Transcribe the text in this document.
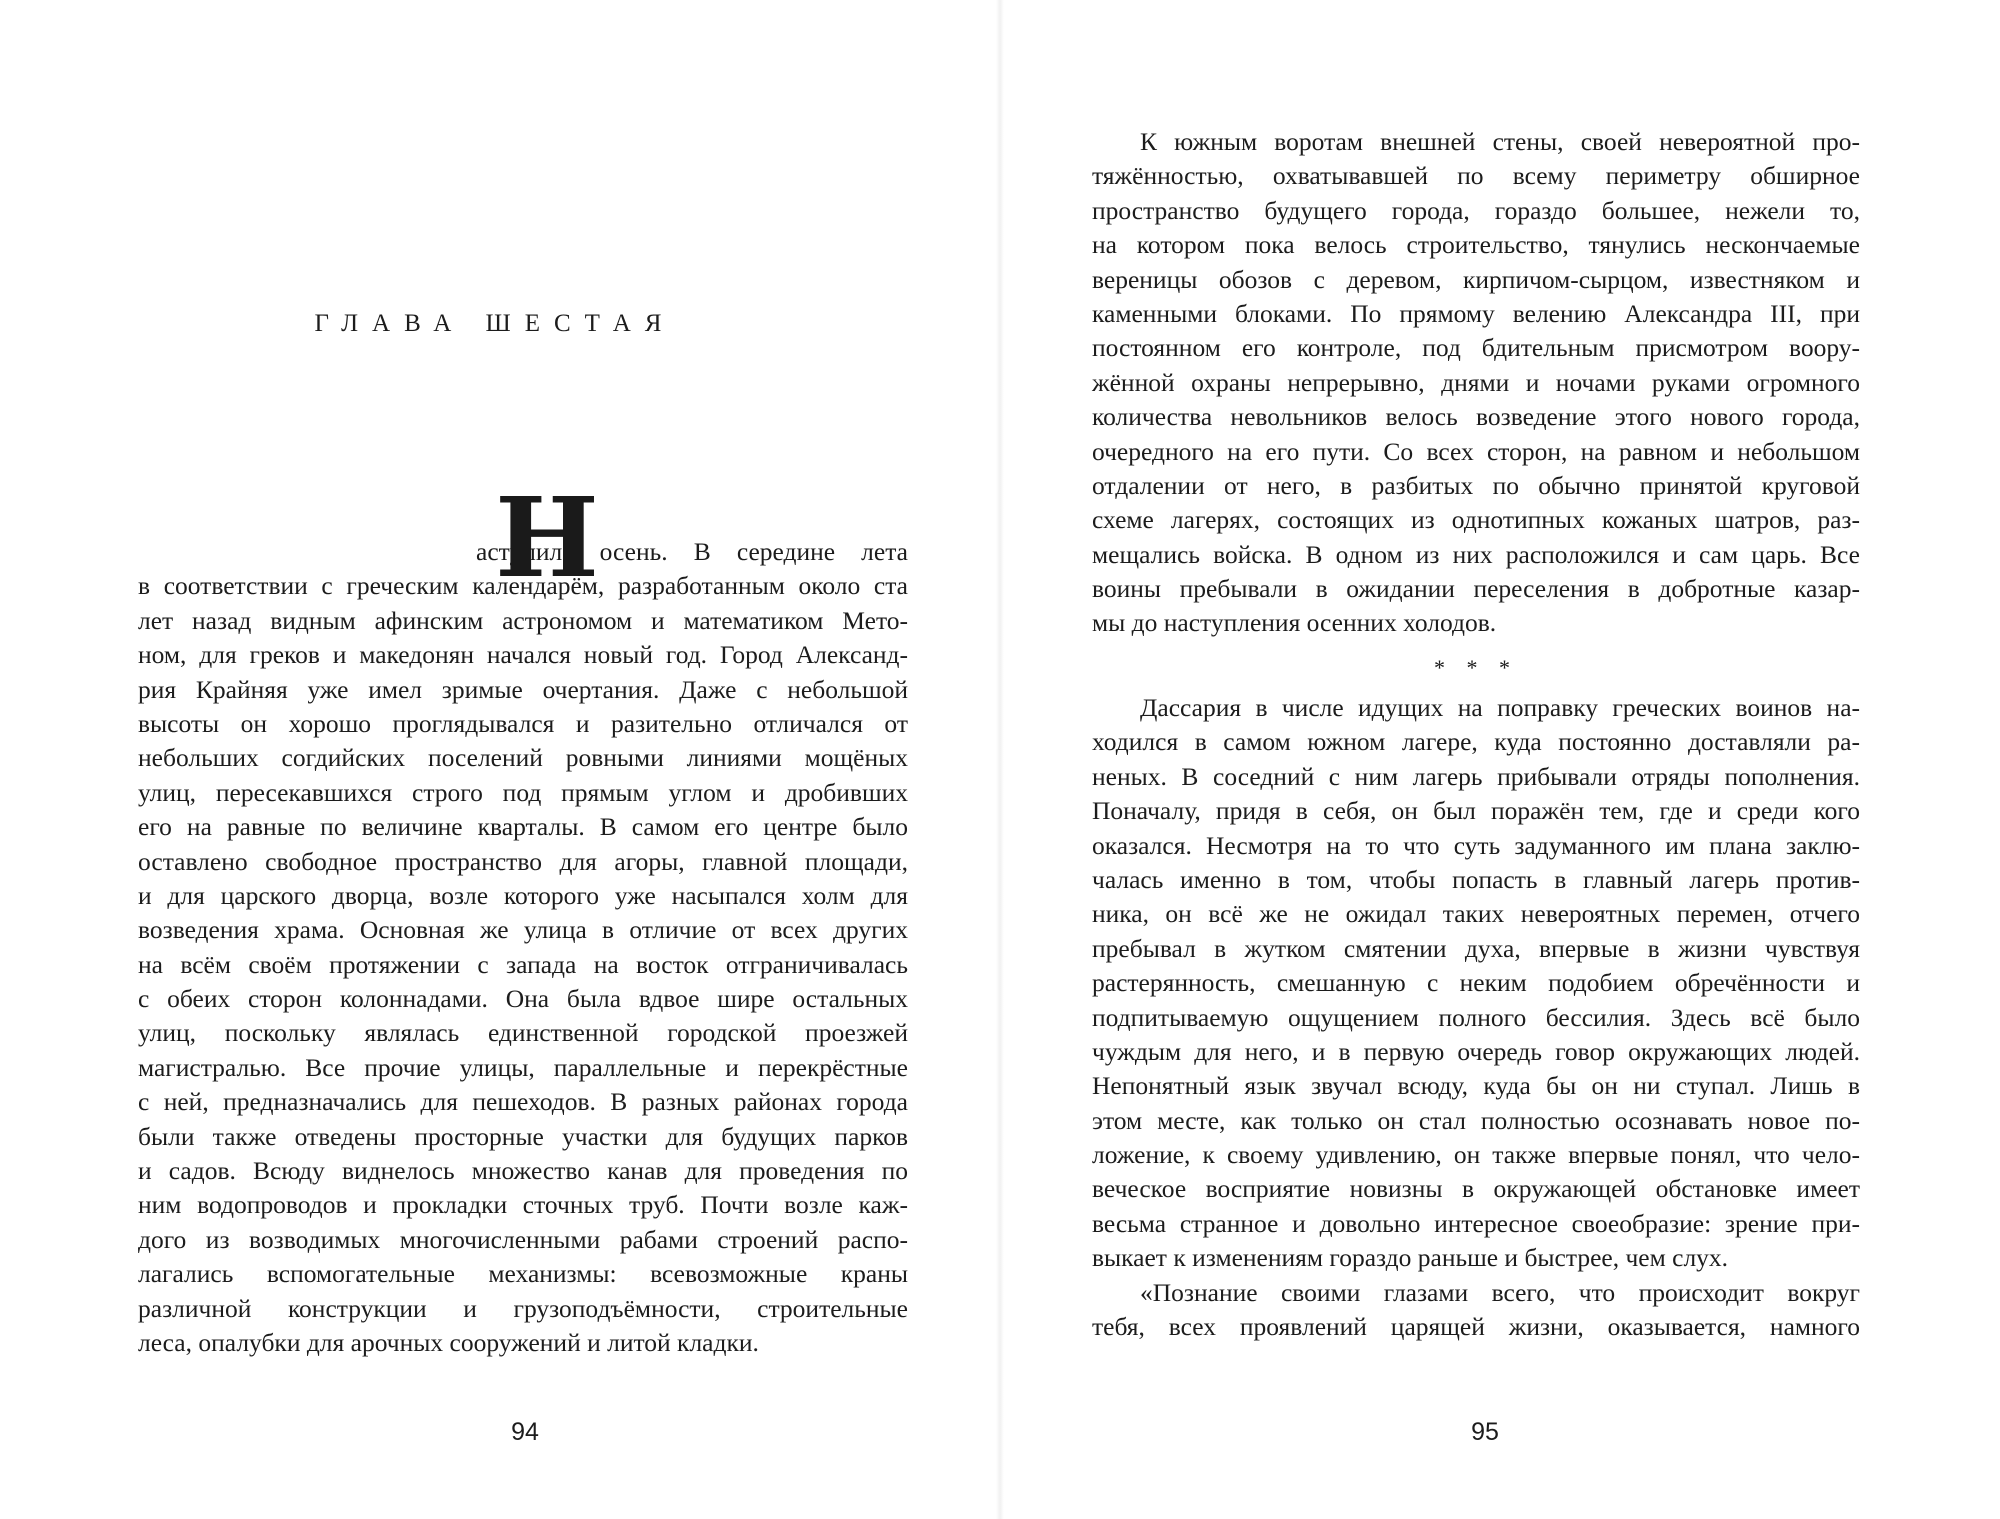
ГЛАВА ШЕСТАЯ

Н
аступила осень. В середине лета
в соответствии с греческим календарём, разработанным около ста
лет назад видным афинским астрономом и математиком Мето-
ном, для греков и македонян начался новый год. Город Александ-
рия Крайняя уже имел зримые очертания. Даже с небольшой
высоты он хорошо проглядывался и разительно отличался от
небольших согдийских поселений ровными линиями мощёных
улиц, пересекавшихся строго под прямым углом и дробивших
его на равные по величине кварталы. В самом его центре было
оставлено свободное пространство для агоры, главной площади,
и для царского дворца, возле которого уже насыпался холм для
возведения храма. Основная же улица в отличие от всех других
на всём своём протяжении с запада на восток отграничивалась
с обеих сторон колоннадами. Она была вдвое шире остальных
улиц, поскольку являлась единственной городской проезжей
магистралью. Все прочие улицы, параллельные и перекрёстные
с ней, предназначались для пешеходов. В разных районах города
были также отведены просторные участки для будущих парков
и садов. Всюду виднелось множество канав для проведения по
ним водопроводов и прокладки сточных труб. Почти возле каж-
дого из возводимых многочисленными рабами строений распо-
лагались вспомогательные механизмы: всевозможные краны
различной конструкции и грузоподъёмности, строительные
леса, опалубки для арочных сооружений и литой кладки.

94
К южным воротам внешней стены, своей невероятной про-
тяжённостью, охватывавшей по всему периметру обширное
пространство будущего города, гораздо большее, нежели то,
на котором пока велось строительство, тянулись нескончаемые
вереницы обозов с деревом, кирпичом-сырцом, известняком и
каменными блоками. По прямому велению Александра III, при
постоянном его контроле, под бдительным присмотром воору-
жённой охраны непрерывно, днями и ночами руками огромного
количества невольников велось возведение этого нового города,
очередного на его пути. Со всех сторон, на равном и небольшом
отдалении от него, в разбитых по обычно принятой круговой
схеме лагерях, состоящих из однотипных кожаных шатров, раз-
мещались войска. В одном из них расположился и сам царь. Все
воины пребывали в ожидании переселения в добротные казар-
мы до наступления осенних холодов.
* * *
Дассария в числе идущих на поправку греческих воинов на-
ходился в самом южном лагере, куда постоянно доставляли ра-
неных. В соседний с ним лагерь прибывали отряды пополнения.
Поначалу, придя в себя, он был поражён тем, где и среди кого
оказался. Несмотря на то что суть задуманного им плана заклю-
чалась именно в том, чтобы попасть в главный лагерь против-
ника, он всё же не ожидал таких невероятных перемен, отчего
пребывал в жутком смятении духа, впервые в жизни чувствуя
растерянность, смешанную с неким подобием обречённости и
подпитываемую ощущением полного бессилия. Здесь всё было
чуждым для него, и в первую очередь говор окружающих людей.
Непонятный язык звучал всюду, куда бы он ни ступал. Лишь в
этом месте, как только он стал полностью осознавать новое по-
ложение, к своему удивлению, он также впервые понял, что чело-
веческое восприятие новизны в окружающей обстановке имеет
весьма странное и довольно интересное своеобразие: зрение при-
выкает к изменениям гораздо раньше и быстрее, чем слух.
«Познание своими глазами всего, что происходит вокруг
тебя, всех проявлений царящей жизни, оказывается, намного
95
